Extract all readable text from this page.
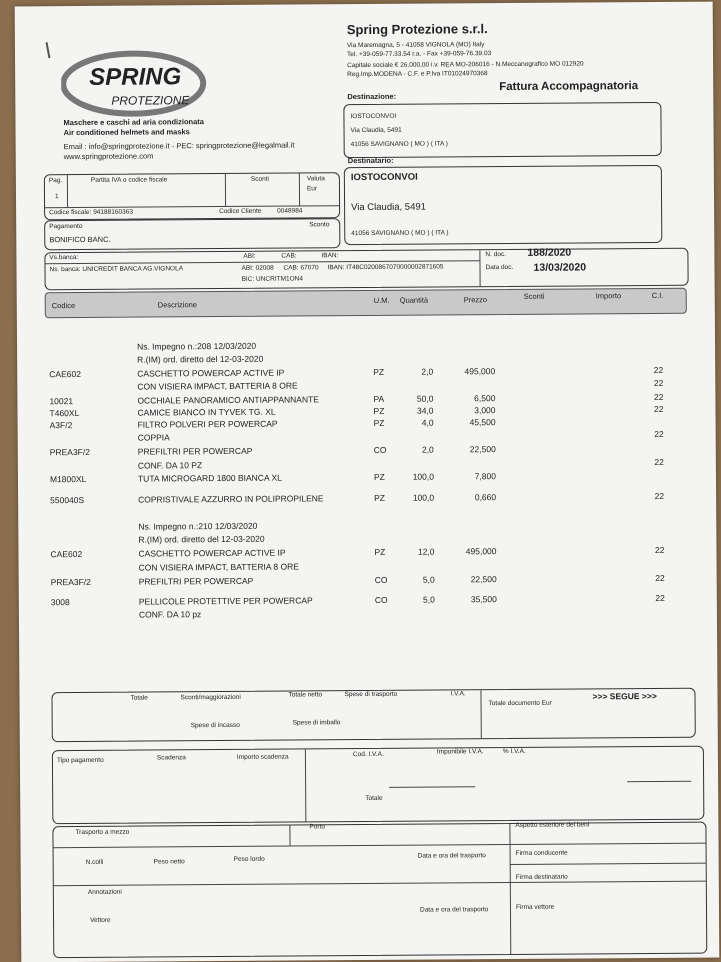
SPRING
PROTEZIONE
Maschere e caschi ad aria condizionata
Air conditioned helmets and masks
Email : info@springprotezione.it - PEC: springprotezione@legalmail.it
www.springprotezione.com
Spring Protezione s.r.l.
Via Maremagna, 5 - 41058 VIGNOLA (MO) Italy
Tel. +39-059-77.33.54 r.a. - Fax +39-059-76.39.03
Capitale sociale € 26.000,00 i.v. REA MO-206016 - N.Meccanografico MO 012920
Reg.Imp.MODENA - C.F. e P.Iva IT01024970368
Fattura Accompagnatoria
Destinazione:
IOSTOCONVOI
Via Claudia, 5491
41056 SAVIGNANO ( MO ) ( ITA )
Destinatario:
IOSTOCONVOI
Via Claudia, 5491
41056 SAVIGNANO ( MO ) ( ITA )
Pag.
1
Partita IVA o codice fiscale	Sconti	Valuta
Eur
Codice fiscale: 94188160363	Codice Cliente 0048984
Pagamento	Sconto
BONIFICO BANC.
Vs.banca:	ABI:	CAB:	IBAN:
Ns. banca: UNICREDIT BANCA AG.VIGNOLA	ABI: 02008 CAB: 67070 IBAN: IT48C0200867070000002871605
BIC: UNCRITM1ON4
N. doc. 188/2020
Data doc. 13/03/2020
Codice	Descrizione	U.M. Quantità	Prezzo	Sconti	Importo	C.I.
Ns. Impegno n.:208 12/03/2020
R.(IM) ord. diretto del 12-03-2020
CAE602	CASCHETTO POWERCAP ACTIVE IP	PZ	2,0	495,000	22
CON VISIERA IMPACT, BATTERIA 8 ORE	22
10021	OCCHIALE PANORAMICO ANTIAPPANNANTE	PA	50,0	6,500	22
T460XL	CAMICE BIANCO IN TYVEK TG. XL	PZ	34,0	3,000	22
A3F/2	FILTRO POLVERI PER POWERCAP	PZ	4,0	45,500
COPPIA	22
PREA3F/2	PREFILTRI PER POWERCAP	CO	2,0	22,500
CONF. DA 10 PZ	22
M1800XL	TUTA MICROGARD 1800 BIANCA XL	PZ	100,0	7,800
550040S	COPRISTIVALE AZZURRO IN POLIPROPILENE	PZ	100,0	0,660	22
Ns. Impegno n.:210 12/03/2020
R.(IM) ord. diretto del 12-03-2020
CAE602	CASCHETTO POWERCAP ACTIVE IP	PZ	12,0	495,000	22
CON VISIERA IMPACT, BATTERIA 8 ORE
PREA3F/2	PREFILTRI PER POWERCAP	CO	5,0	22,500	22
3008	PELLICOLE PROTETTIVE PER POWERCAP	CO	5,0	35,500	22
CONF. DA 10 pz
Totale	Sconti/maggiorazioni	Totale netto	Spese di trasporto	I.V.A.
Totale documento Eur
>>> SEGUE >>>
Spese di incasso	Spese di imballo
Tipo pagamento	Scadenza	Importo scadenza	Cod. I.V.A.	Imponibile I.V.A.	% I.V.A.
Totale
Trasporto a mezzo
Porto	Aspetto esteriore dei beni
N.colli	Peso netto	Peso lordo	Data e ora del trasporto	Firma conducente
Firma destinatario
Annotazioni
Vettore
Data e ora del trasporto	Firma vettore
